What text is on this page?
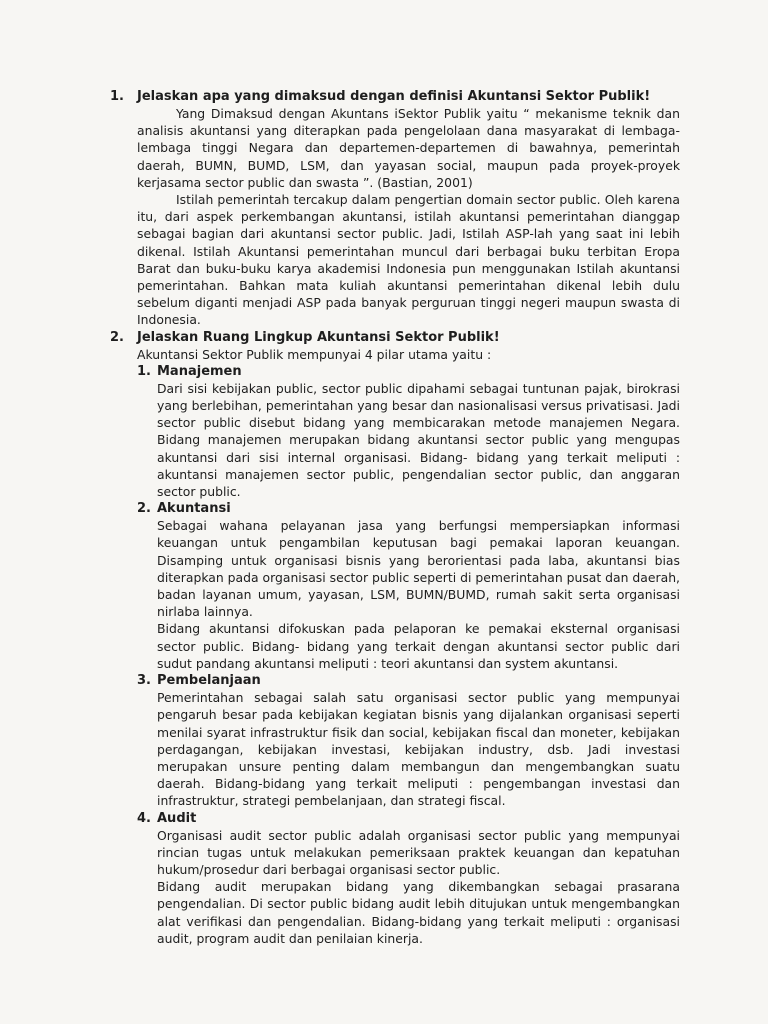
1.	Jelaskan apa yang dimaksud dengan definisi Akuntansi Sektor Publik!
Yang Dimaksud dengan Akuntans iSektor Publik yaitu “ mekanisme teknik dan analisis akuntansi yang diterapkan pada pengelolaan dana masyarakat di lembaga-lembaga tinggi Negara dan departemen-departemen di bawahnya, pemerintah daerah, BUMN, BUMD, LSM, dan yayasan social, maupun pada proyek-proyek kerjasama sector public dan swasta ”. (Bastian, 2001)
Istilah pemerintah tercakup dalam pengertian domain sector public. Oleh karena itu, dari aspek perkembangan akuntansi, istilah akuntansi pemerintahan dianggap sebagai bagian dari akuntansi sector public. Jadi, Istilah ASP-lah yang saat ini lebih dikenal. Istilah Akuntansi pemerintahan muncul dari berbagai buku terbitan Eropa Barat dan buku-buku karya akademisi Indonesia pun menggunakan Istilah akuntansi pemerintahan. Bahkan mata kuliah akuntansi pemerintahan dikenal lebih dulu sebelum diganti menjadi ASP pada banyak perguruan tinggi negeri maupun swasta di Indonesia.
2.	Jelaskan Ruang Lingkup Akuntansi Sektor Publik!
Akuntansi Sektor Publik mempunyai 4 pilar utama yaitu :
1. Manajemen
Dari sisi kebijakan public, sector public dipahami sebagai tuntunan pajak, birokrasi yang berlebihan, pemerintahan yang besar dan nasionalisasi versus privatisasi. Jadi sector public disebut bidang yang membicarakan metode manajemen Negara. Bidang manajemen merupakan bidang akuntansi sector public yang mengupas akuntansi dari sisi internal organisasi. Bidang- bidang yang terkait meliputi : akuntansi manajemen sector public, pengendalian sector public, dan anggaran sector public.
2. Akuntansi
Sebagai wahana pelayanan jasa yang berfungsi mempersiapkan informasi keuangan untuk pengambilan keputusan bagi pemakai laporan keuangan. Disamping untuk organisasi bisnis yang berorientasi pada laba, akuntansi bias diterapkan pada organisasi sector public seperti di pemerintahan pusat dan daerah, badan layanan umum, yayasan, LSM, BUMN/BUMD, rumah sakit serta organisasi nirlaba lainnya.
Bidang akuntansi difokuskan pada pelaporan ke pemakai eksternal organisasi sector public. Bidang- bidang yang terkait dengan akuntansi sector public dari sudut pandang akuntansi meliputi : teori akuntansi dan system akuntansi.
3. Pembelanjaan
Pemerintahan sebagai salah satu organisasi sector public yang mempunyai pengaruh besar pada kebijakan kegiatan bisnis yang dijalankan organisasi seperti menilai syarat infrastruktur fisik dan social, kebijakan fiscal dan moneter, kebijakan perdagangan, kebijakan investasi, kebijakan industry, dsb. Jadi investasi merupakan unsure penting dalam membangun dan mengembangkan suatu daerah. Bidang-bidang yang terkait meliputi : pengembangan investasi dan infrastruktur, strategi pembelanjaan, dan strategi fiscal.
4. Audit
Organisasi audit sector public adalah organisasi sector public yang mempunyai rincian tugas untuk melakukan pemeriksaan praktek keuangan dan kepatuhan hukum/prosedur dari berbagai organisasi sector public.
Bidang audit merupakan bidang yang dikembangkan sebagai prasarana pengendalian. Di sector public bidang audit lebih ditujukan untuk mengembangkan alat verifikasi dan pengendalian. Bidang-bidang yang terkait meliputi : organisasi audit, program audit dan penilaian kinerja.
